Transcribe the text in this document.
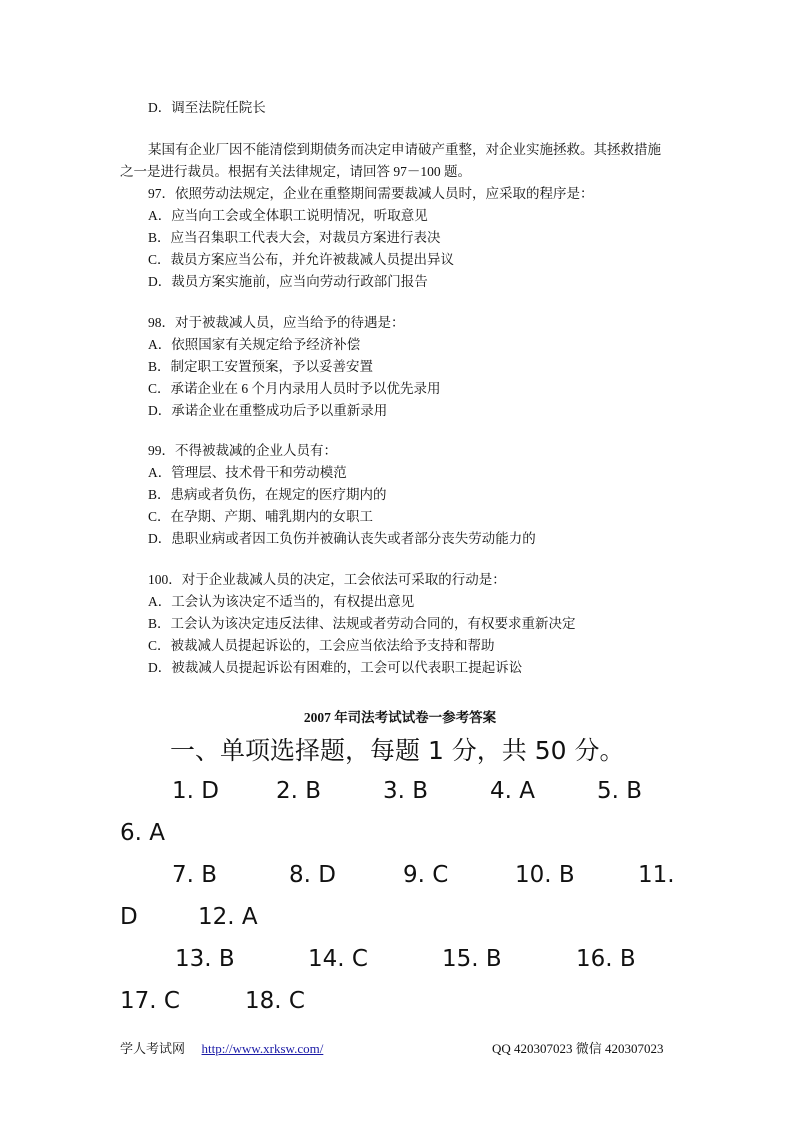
D．调至法院任院长
某国有企业厂因不能清偿到期债务而决定申请破产重整，对企业实施拯救。其拯救措施
之一是进行裁员。根据有关法律规定，请回答 97－100 题。
97．依照劳动法规定，企业在重整期间需要裁减人员时，应采取的程序是：
A．应当向工会或全体职工说明情况，听取意见
B．应当召集职工代表大会，对裁员方案进行表决
C．裁员方案应当公布，并允许被裁减人员提出异议
D．裁员方案实施前，应当向劳动行政部门报告
98．对于被裁减人员，应当给予的待遇是：
A．依照国家有关规定给予经济补偿
B．制定职工安置预案，予以妥善安置
C．承诺企业在 6 个月内录用人员时予以优先录用
D．承诺企业在重整成功后予以重新录用
99．不得被裁减的企业人员有：
A．管理层、技术骨干和劳动模范
B．患病或者负伤，在规定的医疗期内的
C．在孕期、产期、哺乳期内的女职工
D．患职业病或者因工负伤并被确认丧失或者部分丧失劳动能力的
100．对于企业裁减人员的决定，工会依法可采取的行动是：
A．工会认为该决定不适当的，有权提出意见
B．工会认为该决定违反法律、法规或者劳动合同的，有权要求重新决定
C．被裁减人员提起诉讼的，工会应当依法给予支持和帮助
D．被裁减人员提起诉讼有困难的，工会可以代表职工提起诉讼
2007 年司法考试试卷一参考答案
一、单项选择题，每题 1 分，共 50 分。
1. D 2. B	3. B	4. A	5. B
6. A
7. B	8. D	9. C	10. B	11.
D	12. A
13. B	14. C	15. B	16. B
17. C	18. C
学人考试网 http://www.xrksw.com/	QQ 420307023 微信 420307023
